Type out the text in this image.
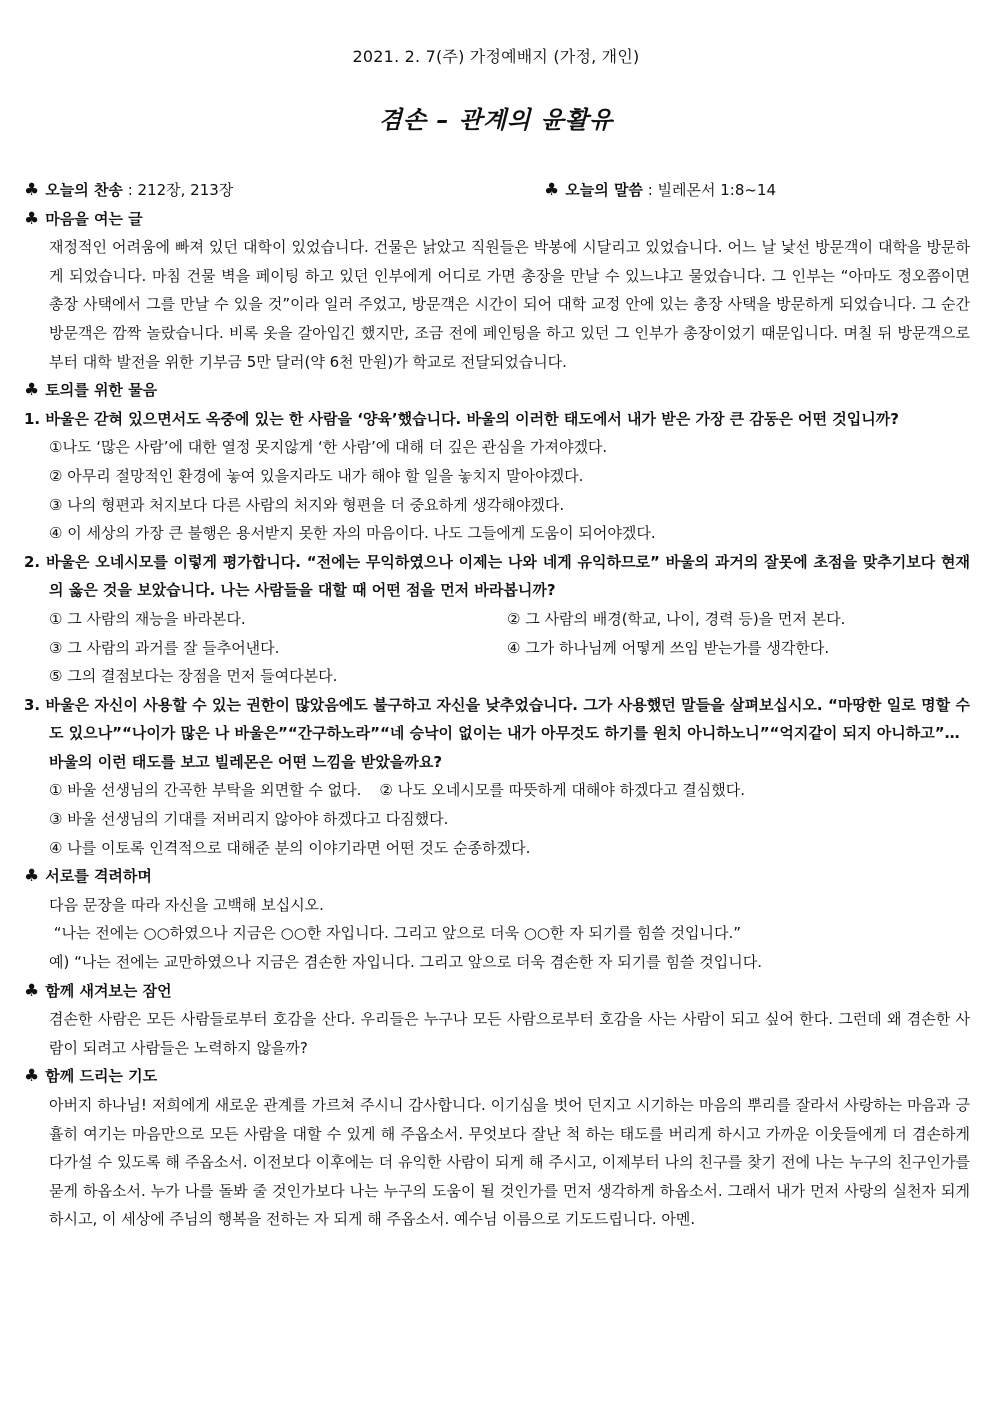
2021. 2. 7(주) 가정예배지 (가정, 개인)
겸손 – 관계의 윤활유
♣ 오늘의 찬송 : 212장, 213장	♣ 오늘의 말씀 : 빌레몬서 1:8~14
♣ 마음을 여는 글
재정적인 어려움에 빠져 있던 대학이 있었습니다. 건물은 낡았고 직원들은 박봉에 시달리고 있었습니다. 어느 날 낯선 방문객이 대학을 방문하게 되었습니다. 마침 건물 벽을 페이팅 하고 있던 인부에게 어디로 가면 총장을 만날 수 있느냐고 물었습니다. 그 인부는 “아마도 정오쯤이면 총장 사택에서 그를 만날 수 있을 것”이라 일러 주었고, 방문객은 시간이 되어 대학 교정 안에 있는 총장 사택을 방문하게 되었습니다. 그 순간 방문객은 깜짝 놀랐습니다. 비록 옷을 갈아입긴 했지만, 조금 전에 페인팅을 하고 있던 그 인부가 총장이었기 때문입니다. 며칠 뒤 방문객으로부터 대학 발전을 위한 기부금 5만 달러(약 6천 만원)가 학교로 전달되었습니다.
♣ 토의를 위한 물음
1. 바울은 갇혀 있으면서도 옥중에 있는 한 사람을 ‘양육’했습니다. 바울의 이러한 태도에서 내가 받은 가장 큰 감동은 어떤 것입니까?
①나도 ‘많은 사람’에 대한 열정 못지않게 ‘한 사람’에 대해 더 깊은 관심을 가져야겠다.
② 아무리 절망적인 환경에 놓여 있을지라도 내가 해야 할 일을 놓치지 말아야겠다.
③ 나의 형편과 처지보다 다른 사람의 처지와 형편을 더 중요하게 생각해야겠다.
④ 이 세상의 가장 큰 불행은 용서받지 못한 자의 마음이다. 나도 그들에게 도움이 되어야겠다.
2. 바울은 오네시모를 이렇게 평가합니다. “전에는 무익하였으나 이제는 나와 네게 유익하므로” 바울의 과거의 잘못에 초점을 맞추기보다 현재의 옳은 것을 보았습니다. 나는 사람들을 대할 때 어떤 점을 먼저 바라봅니까?
① 그 사람의 재능을 바라본다.	② 그 사람의 배경(학교, 나이, 경력 등)을 먼저 본다.
③ 그 사람의 과거를 잘 들추어낸다.	④ 그가 하나님께 어떻게 쓰임 받는가를 생각한다.
⑤ 그의 결점보다는 장점을 먼저 들여다본다.
3. 바울은 자신이 사용할 수 있는 권한이 많았음에도 불구하고 자신을 낮추었습니다. 그가 사용했던 말들을 살펴보십시오. “마땅한 일로 명할 수도 있으나”“나이가 많은 나 바울은”“간구하노라”“네 승낙이 없이는 내가 아무것도 하기를 원치 아니하노니”“억지같이 되지 아니하고”…
바울의 이런 태도를 보고 빌레몬은 어떤 느낌을 받았을까요?
① 바울 선생님의 간곡한 부탁을 외면할 수 없다. ② 나도 오네시모를 따뜻하게 대해야 하겠다고 결심했다.
③ 바울 선생님의 기대를 저버리지 않아야 하겠다고 다짐했다.
④ 나를 이토록 인격적으로 대해준 분의 이야기라면 어떤 것도 순종하겠다.
♣ 서로를 격려하며
다음 문장을 따라 자신을 고백해 보십시오.
“나는 전에는 ○○하였으나 지금은 ○○한 자입니다. 그리고 앞으로 더욱 ○○한 자 되기를 힘쓸 것입니다.”
예) “나는 전에는 교만하였으나 지금은 겸손한 자입니다. 그리고 앞으로 더욱 겸손한 자 되기를 힘쓸 것입니다.
♣ 함께 새겨보는 잠언
겸손한 사람은 모든 사람들로부터 호감을 산다. 우리들은 누구나 모든 사람으로부터 호감을 사는 사람이 되고 싶어 한다. 그런데 왜 겸손한 사람이 되려고 사람들은 노력하지 않을까?
♣ 함께 드리는 기도
아버지 하나님! 저희에게 새로운 관계를 가르쳐 주시니 감사합니다. 이기심을 벗어 던지고 시기하는 마음의 뿌리를 잘라서 사랑하는 마음과 긍휼히 여기는 마음만으로 모든 사람을 대할 수 있게 해 주옵소서. 무엇보다 잘난 척 하는 태도를 버리게 하시고 가까운 이웃들에게 더 겸손하게 다가설 수 있도록 해 주옵소서. 이전보다 이후에는 더 유익한 사람이 되게 해 주시고, 이제부터 나의 친구를 찾기 전에 나는 누구의 친구인가를 묻게 하옵소서. 누가 나를 돌봐 줄 것인가보다 나는 누구의 도움이 될 것인가를 먼저 생각하게 하옵소서. 그래서 내가 먼저 사랑의 실천자 되게 하시고, 이 세상에 주님의 행복을 전하는 자 되게 해 주옵소서. 예수님 이름으로 기도드립니다. 아멘.
